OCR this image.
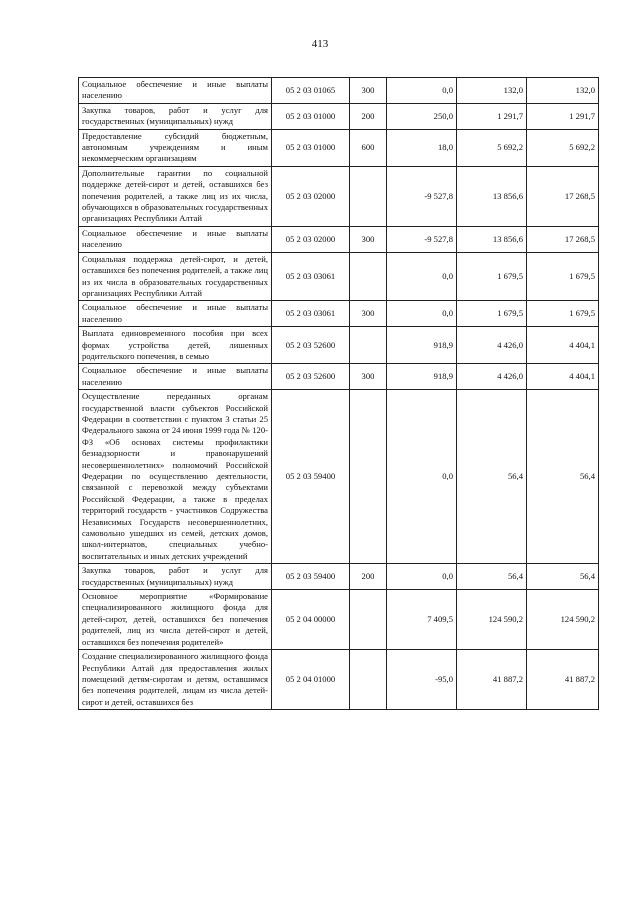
413
Социальное обеспечение и иные выплаты населению	05 2 03 01065	300	0,0	132,0	132,0
Закупка товаров, работ и услуг для государственных (муниципальных) нужд	05 2 03 01000	200	250,0	1 291,7	1 291,7
Предоставление субсидий бюджетным, автономным учреждениям и иным некоммерческим организациям	05 2 03 01000	600	18,0	5 692,2	5 692,2
Дополнительные гарантии по социальной поддержке детей-сирот и детей, оставшихся без попечения родителей, а также лиц из их числа, обучающихся в образовательных государственных организациях Республики Алтай	05 2 03 02000		-9 527,8	13 856,6	17 268,5
Социальное обеспечение и иные выплаты населению	05 2 03 02000	300	-9 527,8	13 856,6	17 268,5
Социальная поддержка детей-сирот, и детей, оставшихся без попечения родителей, а также лиц из их числа в образовательных государственных организациях Республики Алтай	05 2 03 03061		0,0	1 679,5	1 679,5
Социальное обеспечение и иные выплаты населению	05 2 03 03061	300	0,0	1 679,5	1 679,5
Выплата единовременного пособия при всех формах устройства детей, лишенных родительского попечения, в семью	05 2 03 52600		918,9	4 426,0	4 404,1
Социальное обеспечение и иные выплаты населению	05 2 03 52600	300	918,9	4 426,0	4 404,1
Осуществление переданных органам государственной власти субъектов Российской Федерации в соответствии с пунктом 3 статьи 25 Федерального закона от 24 июня 1999 года № 120-ФЗ «Об основах системы профилактики безнадзорности и правонарушений несовершеннолетних» полномочий Российской Федерации по осуществлению деятельности, связанной с перевозкой между субъектами Российской Федерации, а также в пределах территорий государств - участников Содружества Независимых Государств несовершеннолетних, самовольно ушедших из семей, детских домов, школ-интернатов, специальных учебно-воспитательных и иных детских учреждений	05 2 03 59400		0,0	56,4	56,4
Закупка товаров, работ и услуг для государственных (муниципальных) нужд	05 2 03 59400	200	0,0	56,4	56,4
Основное мероприятие «Формирование специализированного жилищного фонда для детей-сирот, детей, оставшихся без попечения родителей, лиц из числа детей-сирот и детей, оставшихся без попечения родителей»	05 2 04 00000		7 409,5	124 590,2	124 590,2
Создание специализированного жилищного фонда Республики Алтай для предоставления жилых помещений детям-сиротам и детям, оставшимся без попечения родителей, лицам из числа детей-сирот и детей, оставшихся без	05 2 04 01000		-95,0	41 887,2	41 887,2
